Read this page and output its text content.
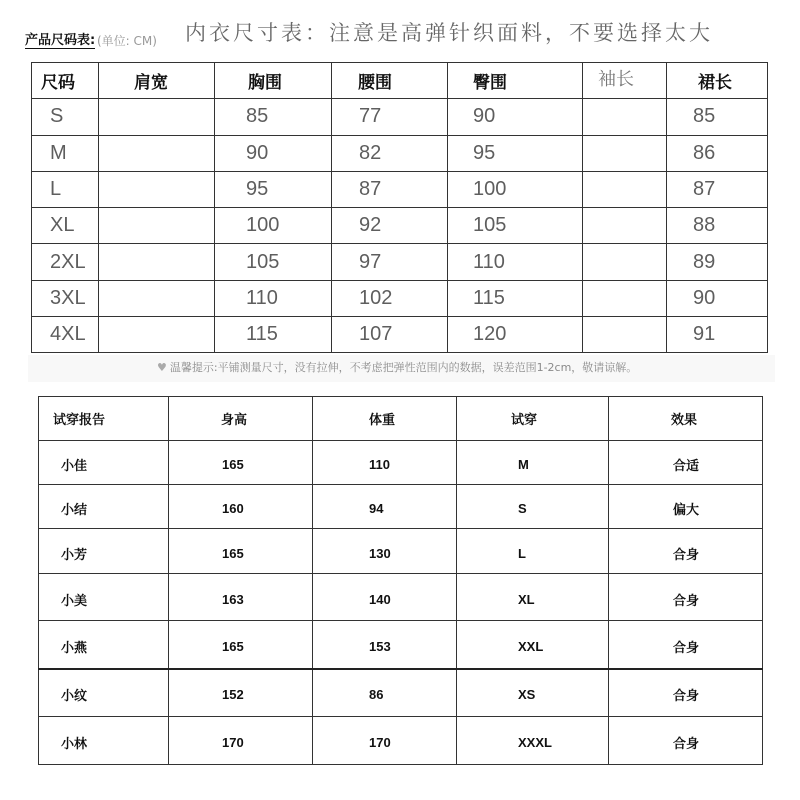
产品尺码表: (单位: CM) 内衣尺寸表：注意是高弹针织面料，不要选择太大
尺码	肩宽	胸围	腰围	臀围	袖长	裙长
S		85	77	90		85
M		90	82	95		86
L		95	87	100		87
XL		100	92	105		88
2XL		105	97	110		89
3XL		110	102	115		90
4XL		115	107	120		91
♥ 温馨提示:平铺测量尺寸，没有拉伸，不考虑把弹性范围内的数据，误差范围1-2cm，敬请谅解。
试穿报告	身高	体重	试穿	效果
小佳	165	110	M	合适
小结	160	94	S	偏大
小芳	165	130	L	合身
小美	163	140	XL	合身
小燕	165	153	XXL	合身
小纹	152	86	XS	合身
小林	170	170	XXXL	合身
